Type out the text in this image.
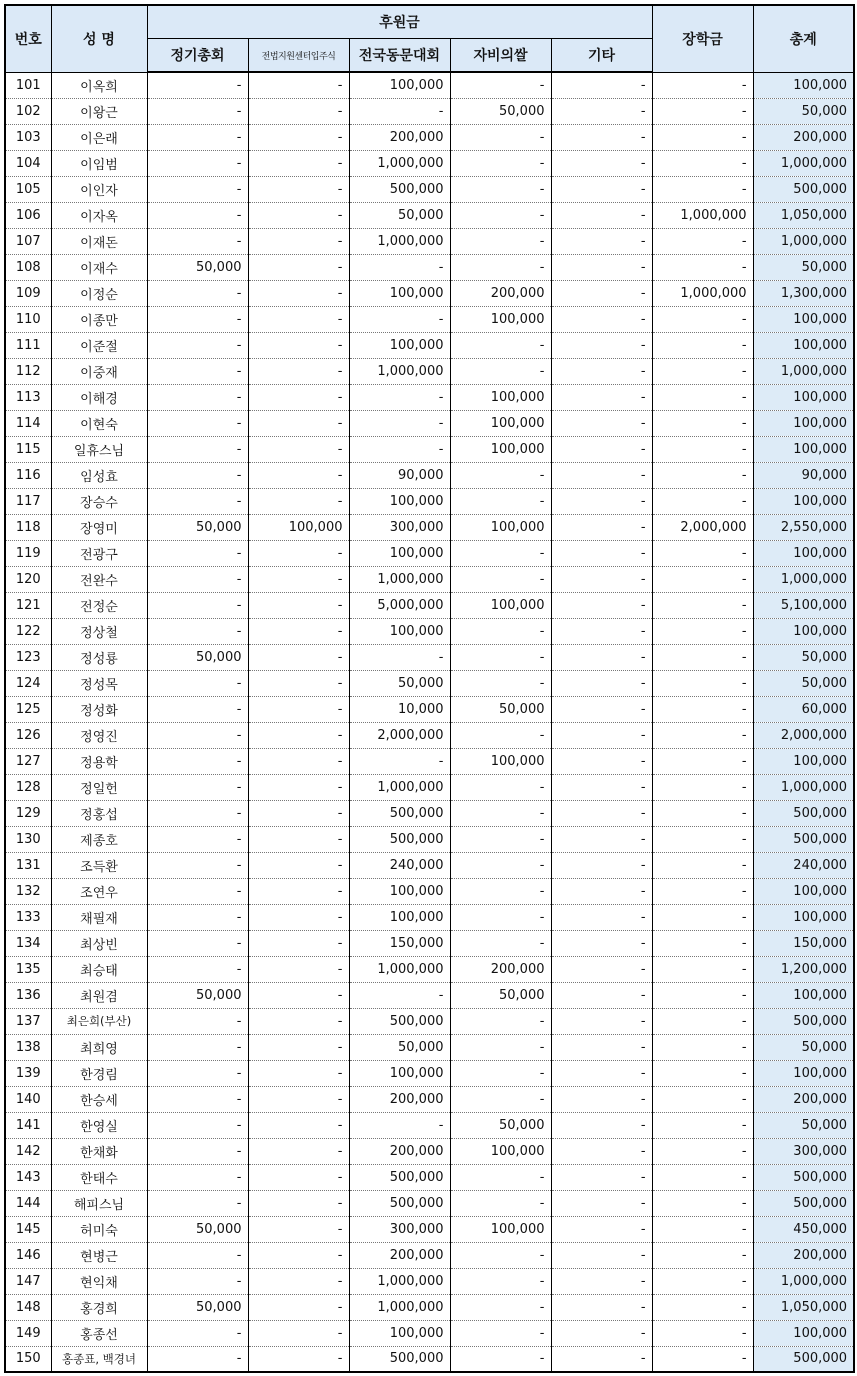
번호	성 명	후원금					장학금	총계
		정기총회	전법지원센터입주식	전국동문대회	자비의쌀	기타		
101	이옥희	-	-	100,000	-	-	-	100,000
102	이왕근	-	-	-	50,000	-	-	50,000
103	이은래	-	-	200,000	-	-	-	200,000
104	이임범	-	-	1,000,000	-	-	-	1,000,000
105	이인자	-	-	500,000	-	-	-	500,000
106	이자옥	-	-	50,000	-	-	1,000,000	1,050,000
107	이재돈	-	-	1,000,000	-	-	-	1,000,000
108	이재수	50,000	-	-	-	-	-	50,000
109	이정순	-	-	100,000	200,000	-	1,000,000	1,300,000
110	이종만	-	-	-	100,000	-	-	100,000
111	이준절	-	-	100,000	-	-	-	100,000
112	이중재	-	-	1,000,000	-	-	-	1,000,000
113	이해경	-	-	-	100,000	-	-	100,000
114	이현숙	-	-	-	100,000	-	-	100,000
115	일휴스님	-	-	-	100,000	-	-	100,000
116	임성효	-	-	90,000	-	-	-	90,000
117	장승수	-	-	100,000	-	-	-	100,000
118	장영미	50,000	100,000	300,000	100,000	-	2,000,000	2,550,000
119	전광구	-	-	100,000	-	-	-	100,000
120	전완수	-	-	1,000,000	-	-	-	1,000,000
121	전정순	-	-	5,000,000	100,000	-	-	5,100,000
122	정상철	-	-	100,000	-	-	-	100,000
123	정성룡	50,000	-	-	-	-	-	50,000
124	정성목	-	-	50,000	-	-	-	50,000
125	정성화	-	-	10,000	50,000	-	-	60,000
126	정영진	-	-	2,000,000	-	-	-	2,000,000
127	정용학	-	-	-	100,000	-	-	100,000
128	정일헌	-	-	1,000,000	-	-	-	1,000,000
129	정홍섭	-	-	500,000	-	-	-	500,000
130	제종호	-	-	500,000	-	-	-	500,000
131	조득환	-	-	240,000	-	-	-	240,000
132	조연우	-	-	100,000	-	-	-	100,000
133	채필재	-	-	100,000	-	-	-	100,000
134	최상빈	-	-	150,000	-	-	-	150,000
135	최승태	-	-	1,000,000	200,000	-	-	1,200,000
136	최원겸	50,000	-	-	50,000	-	-	100,000
137	최은희(부산)	-	-	500,000	-	-	-	500,000
138	최희영	-	-	50,000	-	-	-	50,000
139	한경림	-	-	100,000	-	-	-	100,000
140	한승세	-	-	200,000	-	-	-	200,000
141	한영실	-	-	-	50,000	-	-	50,000
142	한채화	-	-	200,000	100,000	-	-	300,000
143	한태수	-	-	500,000	-	-	-	500,000
144	해피스님	-	-	500,000	-	-	-	500,000
145	허미숙	50,000	-	300,000	100,000	-	-	450,000
146	현병근	-	-	200,000	-	-	-	200,000
147	현익채	-	-	1,000,000	-	-	-	1,000,000
148	홍경희	50,000	-	1,000,000	-	-	-	1,050,000
149	홍종선	-	-	100,000	-	-	-	100,000
150	홍종표, 백경녀	-	-	500,000	-	-	-	500,000
